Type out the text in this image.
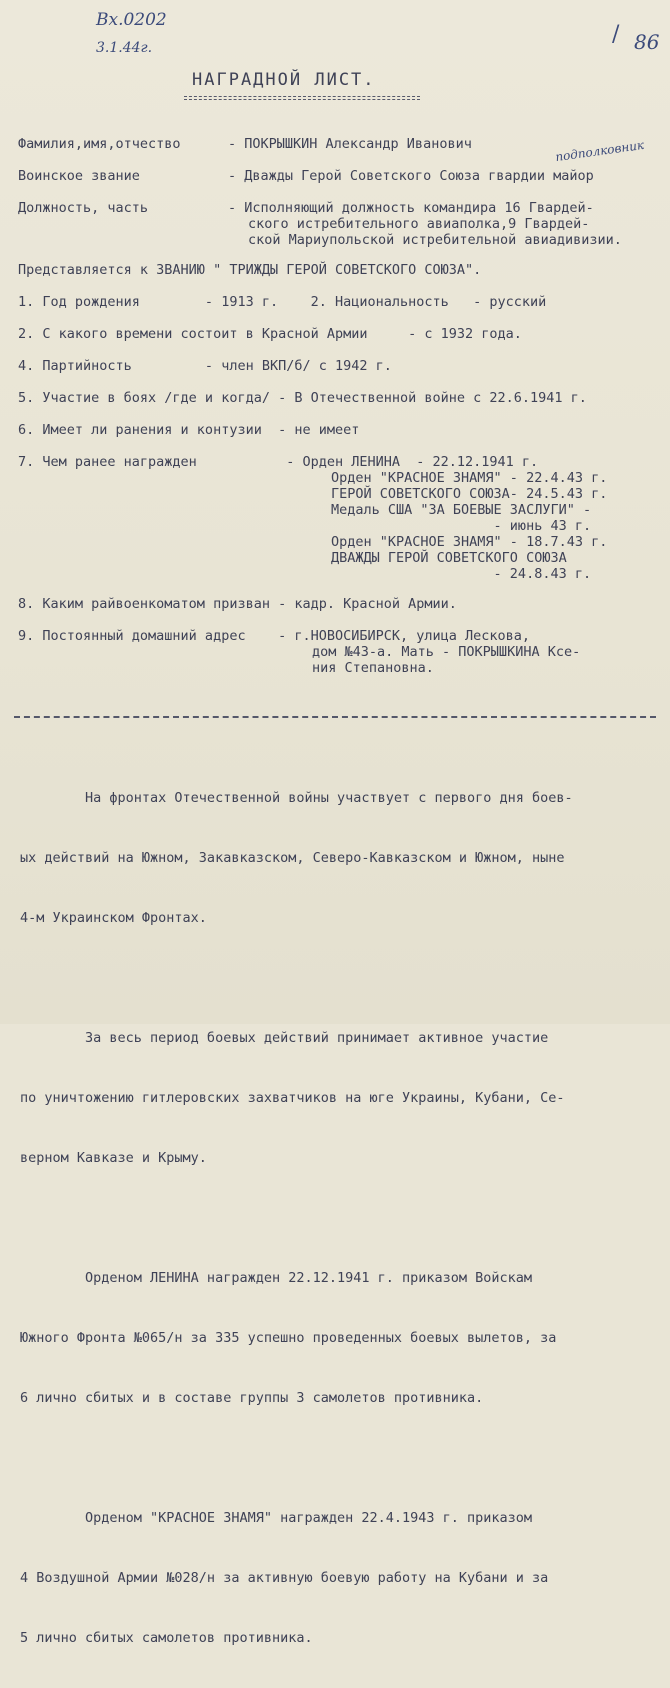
Вх.0202
3.1.44г.
/ 86
НАГРАДНОЙ ЛИСТ.
Фамилия,имя,отчество	- ПОКРЫШКИН Александр Иванович	подполковник
Воинское звание	- Дважды Герой Советского Союза гвардии майор
Должность, часть	- Исполняющий должность командира 16 Гвардей-
ского истребительного авиаполка,9 Гвардей-
ской Мариупольской истребительной авиадивизии.
Представляется к ЗВАНИЮ " ТРИЖДЫ ГЕРОЙ СОВЕТСКОГО СОЮЗА".
1. Год рождения        - 1913 г.    2. Национальность   - русский
2. С какого времени состоит в Красной Армии     - с 1932 года.
4. Партийность         - член ВКП/б/ с 1942 г.
5. Участие в боях /где и когда/ - В Отечественной войне с 22.6.1941 г.
6. Имеет ли ранения и контузии  - не имеет
7. Чем ранее награжден           - Орден ЛЕНИНА  - 22.12.1941 г.
Орден "КРАСНОЕ ЗНАМЯ" - 22.4.43 г.
ГЕРОЙ СОВЕТСКОГО СОЮЗА- 24.5.43 г.
Медаль США "ЗА БОЕВЫЕ ЗАСЛУГИ" -
- июнь 43 г.
Орден "КРАСНОЕ ЗНАМЯ" - 18.7.43 г.
ДВАЖДЫ ГЕРОЙ СОВЕТСКОГО СОЮЗА
- 24.8.43 г.
8. Каким райвоенкоматом призван - кадр. Красной Армии.
9. Постоянный домашний адрес    - г.НОВОСИБИРСК, улица Лескова,
дом №43-а. Мать - ПОКРЫШКИНА Ксе-
ния Степановна.

На фронтах Отечественной войны участвует с первого дня боев-

ых действий на Южном, Закавказском, Северо-Кавказском и Южном, ныне

4-м Украинском Фронтах.

За весь период боевых действий принимает активное участие

по уничтожению гитлеровских захватчиков на юге Украины, Кубани, Се-

верном Кавказе и Крыму.

Орденом ЛЕНИНА награжден 22.12.1941 г. приказом Войскам

Южного Фронта №065/н за 335 успешно проведенных боевых вылетов, за

6 лично сбитых и в составе группы 3 самолетов противника.

Орденом "КРАСНОЕ ЗНАМЯ" награжден 22.4.1943 г. приказом

4 Воздушной Армии №028/н за активную боевую работу на Кубани и за

5 лично сбитых самолетов противника.
